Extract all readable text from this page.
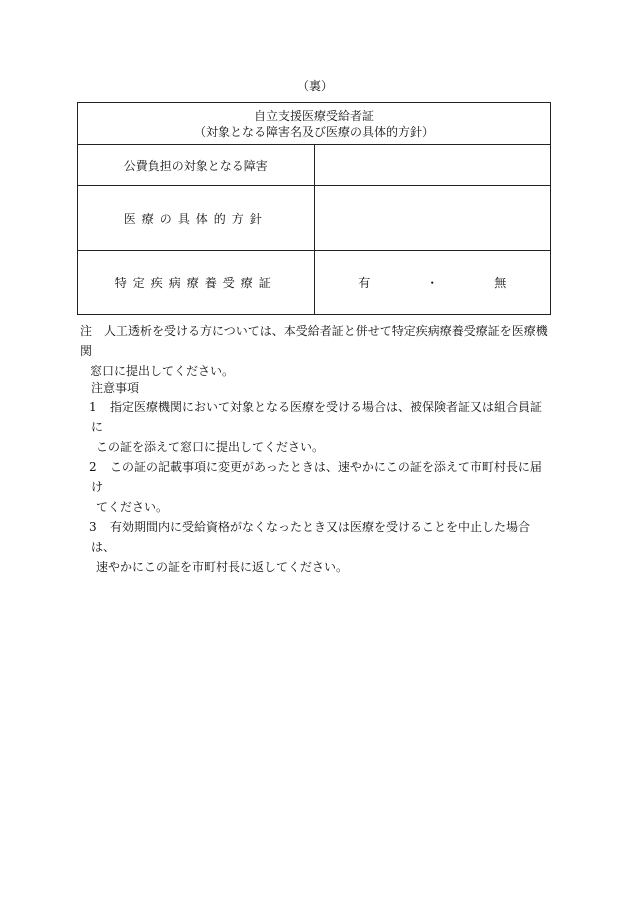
（裏）
自立支援医療受給者証
（対象となる障害名及び医療の具体的方針）	

公費負担の対象となる障害	
医療の具体的方針	
特定疾病療養受療証	有 ・ 無
注　人工透析を受ける方については、本受給者証と併せて特定疾病療養受療証を医療機関
窓口に提出してください。
注意事項
1 指定医療機関において対象となる医療を受ける場合は、被保険者証又は組合員証に
この証を添えて窓口に提出してください。
2 この証の記載事項に変更があったときは、速やかにこの証を添えて市町村長に届け
てください。
3 有効期間内に受給資格がなくなったとき又は医療を受けることを中止した場合は、
速やかにこの証を市町村長に返してください。
